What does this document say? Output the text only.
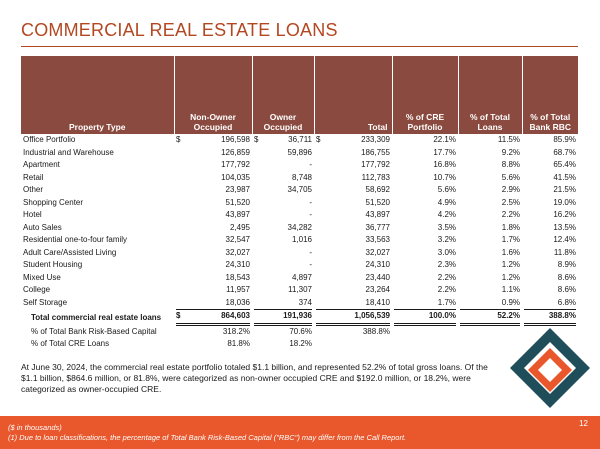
COMMERCIAL REAL ESTATE LOANS
Property Type	Non-Owner Occupied	Owner Occupied	Total	% of CRE Portfolio	% of Total Loans	% of Total Bank RBC
Office Portfolio	$ 196,598	$ 36,711	$ 233,309	22.1%	11.5%	85.9%

Industrial and Warehouse	126,859	59,896	186,755	17.7%	9.2%	68.7%

Apartment	177,792	-	177,792	16.8%	8.8%	65.4%

Retail	104,035	8,748	112,783	10.7%	5.6%	41.5%

Other	23,987	34,705	58,692	5.6%	2.9%	21.5%

Shopping Center	51,520	-	51,520	4.9%	2.5%	19.0%

Hotel	43,897	-	43,897	4.2%	2.2%	16.2%

Auto Sales	2,495	34,282	36,777	3.5%	1.8%	13.5%

Residential one-to-four family	32,547	1,016	33,563	3.2%	1.7%	12.4%

Adult Care/Assisted Living	32,027	-	32,027	3.0%	1.6%	11.8%

Student Housing	24,310	-	24,310	2.3%	1.2%	8.9%

Mixed Use	18,543	4,897	23,440	2.2%	1.2%	8.6%

College	11,957	11,307	23,264	2.2%	1.1%	8.6%

Self Storage	18,036	374	18,410	1.7%	0.9%	6.8%

Total commercial real estate loans	$ 864,603	191,936	1,056,539	100.0%	52.2%	388.8%

% of Total Bank Risk-Based Capital	318.2%	70.6%	388.8%			
% of Total CRE Loans	81.8%	18.2%				
At June 30, 2024, the commercial real estate portfolio totaled $1.1 billion, and represented 52.2% of total gross loans. Of the $1.1 billion, $864.6 million, or 81.8%, were categorized as non-owner occupied CRE and $192.0 million, or 18.2%, were categorized as owner-occupied CRE.
($ in thousands)
(1) Due to loan classifications, the percentage of Total Bank Risk-Based Capital ("RBC") may differ from the Call Report.
12
